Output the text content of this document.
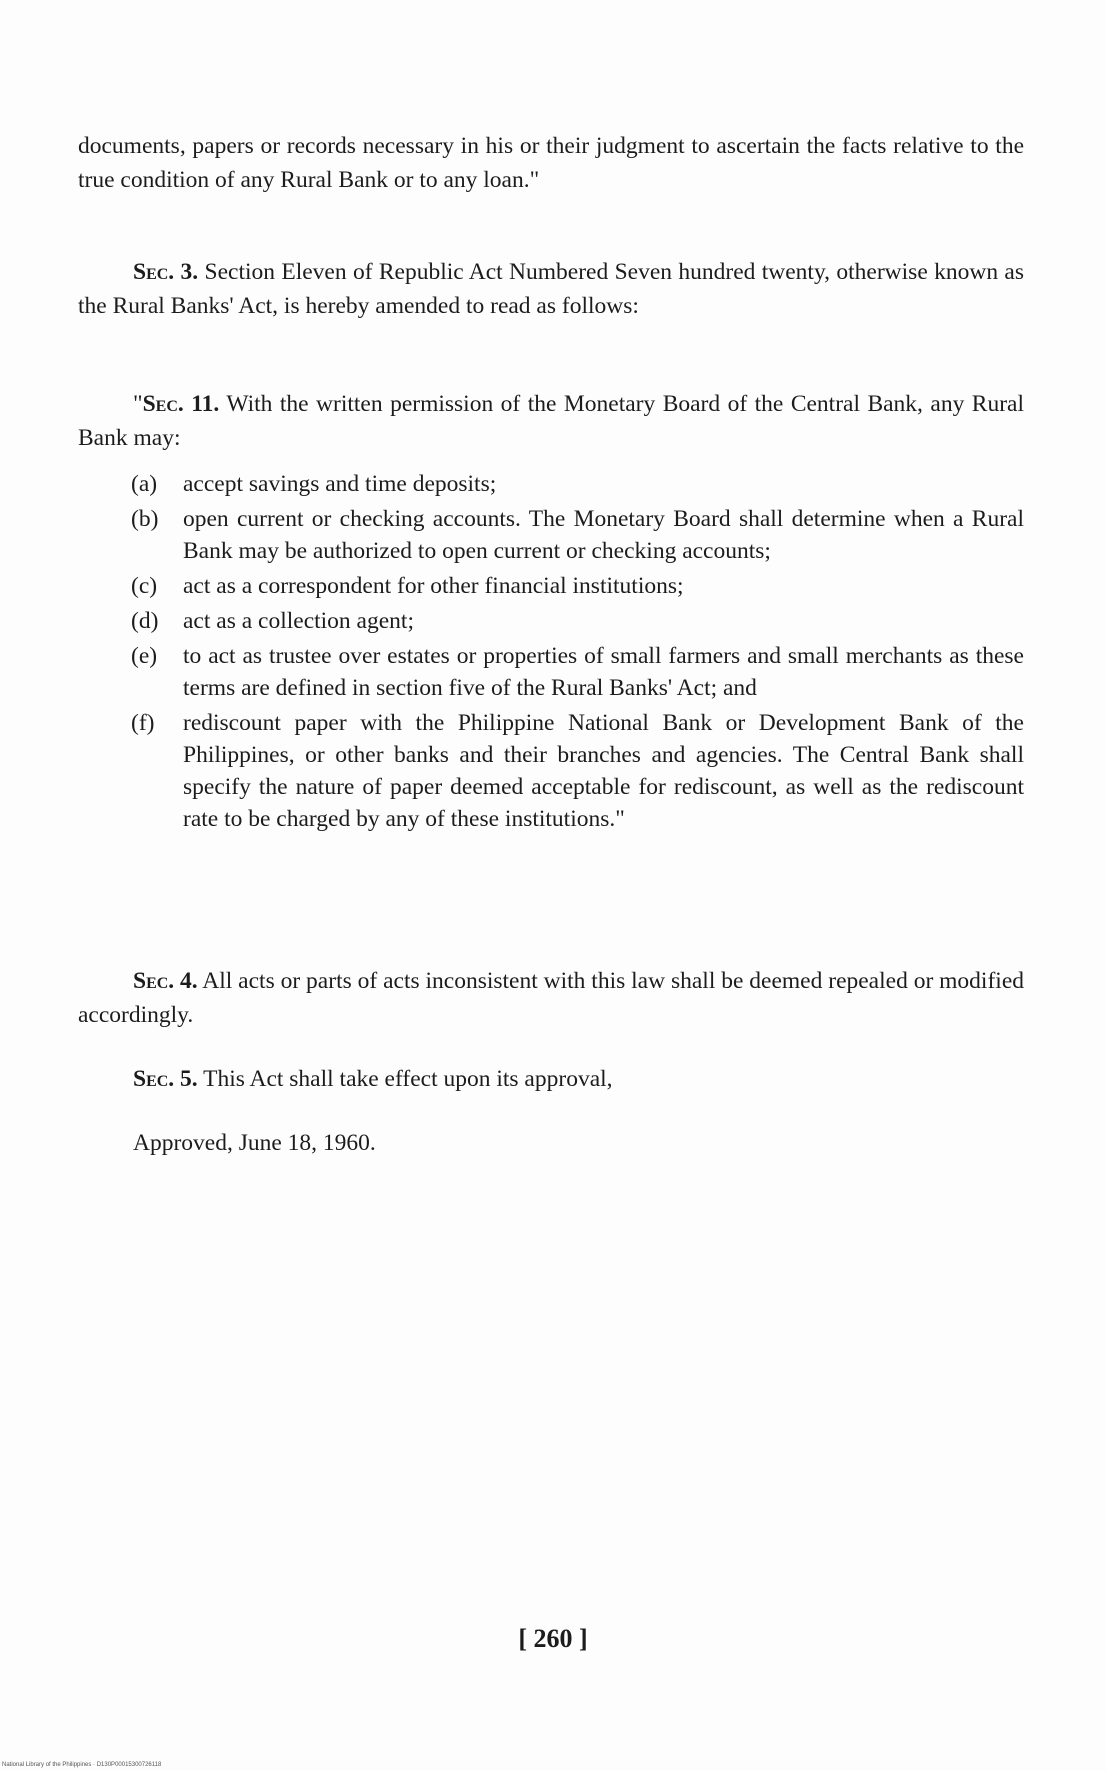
documents, papers or records necessary in his or their judgment to ascertain the facts relative to the true condition of any Rural Bank or to any loan."

Sec. 3. Section Eleven of Republic Act Numbered Seven hundred twenty, otherwise known as the Rural Banks' Act, is hereby amended to read as follows:

"Sec. 11. With the written permission of the Monetary Board of the Central Bank, any Rural Bank may:

(a) accept savings and time deposits;
(b) open current or checking accounts. The Monetary Board shall determine when a Rural Bank may be authorized to open current or checking accounts;
(c) act as a correspondent for other financial institutions;
(d) act as a collection agent;
(e) to act as trustee over estates or properties of small farmers and small merchants as these terms are defined in section five of the Rural Banks' Act; and
(f) rediscount paper with the Philippine National Bank or Development Bank of the Philippines, or other banks and their branches and agencies. The Central Bank shall specify the nature of paper deemed acceptable for rediscount, as well as the rediscount rate to be charged by any of these institutions."

Sec. 4. All acts or parts of acts inconsistent with this law shall be deemed repealed or modified accordingly.

Sec. 5. This Act shall take effect upon its approval,

Approved, June 18, 1960.

[ 260 ]
National Library of the Philippines · D130P00015300726118
